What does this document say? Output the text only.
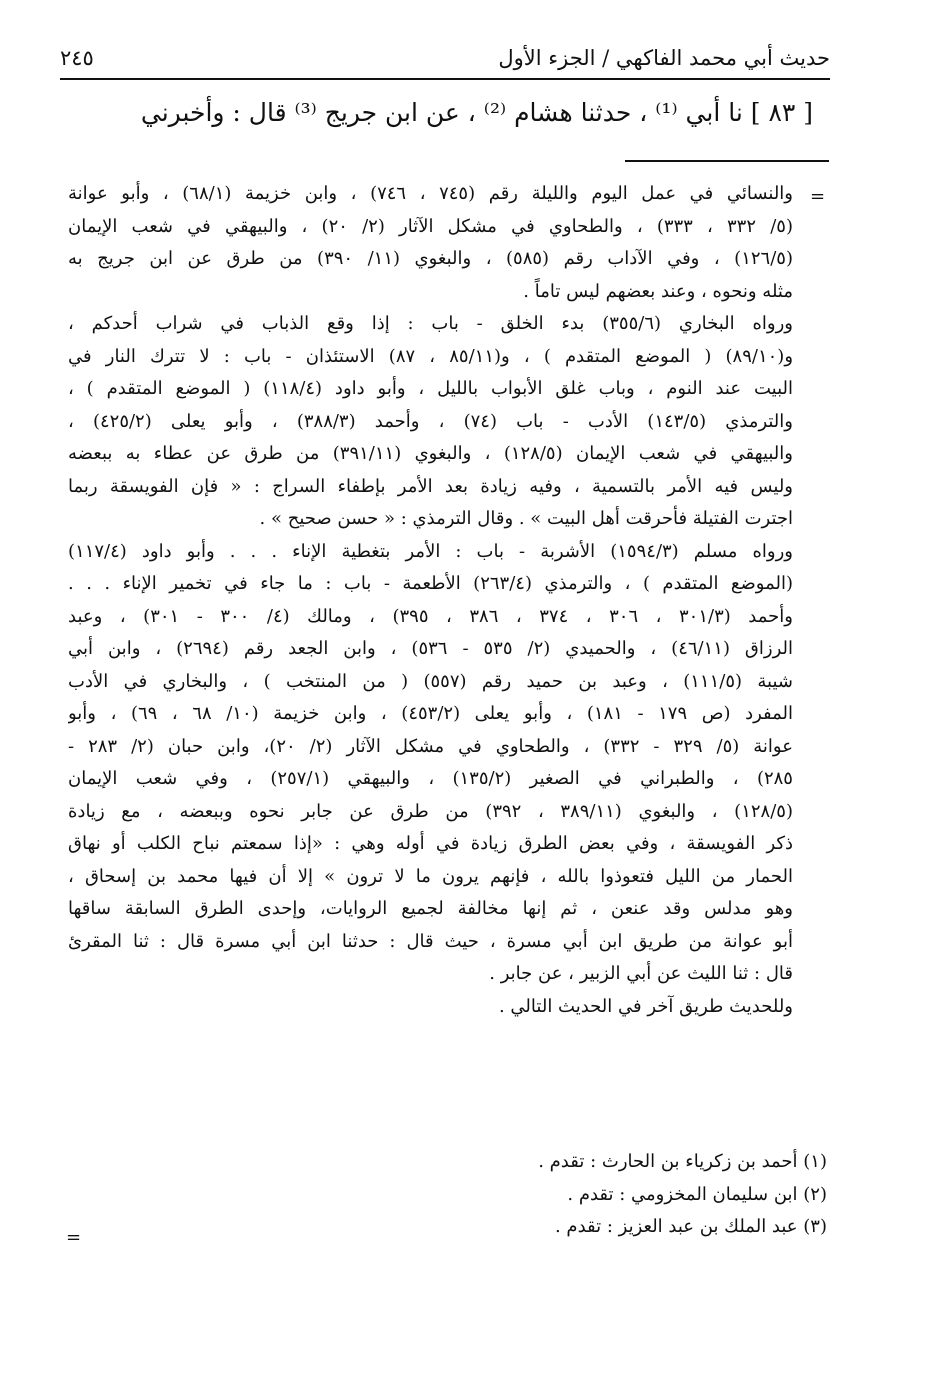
حديث أبي محمد الفاكهي / الجزء الأول
٢٤٥
[ ٨٣ ] نا أبي ⁽¹⁾ ، حدثنا هشام ⁽²⁾ ، عن ابن جريج ⁽³⁾ قال : وأخبرني
=
والنسائي في عمل اليوم والليلة رقم (٧٤٥ ، ٧٤٦) ، وابن خزيمة (٦٨/١) ، وأبو عوانة
(٥/ ٣٣٢ ، ٣٣٣) ، والطحاوي في مشكل الآثار (٢/ ٢٠) ، والبيهقي في شعب الإيمان
(١٢٦/٥) ، وفي الآداب رقم (٥٨٥) ، والبغوي (١١/ ٣٩٠) من طرق عن ابن جريج به
مثله ونحوه ، وعند بعضهم ليس تاماً .
ورواه البخاري (٣٥٥/٦) بدء الخلق - باب : إذا وقع الذباب في شراب أحدكم ،
و(٨٩/١٠) ( الموضع المتقدم ) ، و(٨٥/١١ ، ٨٧) الاستئذان - باب : لا تترك النار في
البيت عند النوم ، وباب غلق الأبواب بالليل ، وأبو داود (١١٨/٤) ( الموضع المتقدم ) ،
والترمذي (١٤٣/٥) الأدب - باب (٧٤) ، وأحمد (٣٨٨/٣) ، وأبو يعلى (٤٢٥/٢) ،
والبيهقي في شعب الإيمان (١٢٨/٥) ، والبغوي (٣٩١/١١) من طرق عن عطاء به ببعضه
وليس فيه الأمر بالتسمية ، وفيه زيادة بعد الأمر بإطفاء السراج : « فإن الفويسقة ربما
اجترت الفتيلة فأحرقت أهل البيت » . وقال الترمذي : « حسن صحيح » .
ورواه مسلم (١٥٩٤/٣) الأشربة - باب : الأمر بتغطية الإناء . . . وأبو داود (١١٧/٤)
(الموضع المتقدم ) ، والترمذي (٢٦٣/٤) الأطعمة - باب : ما جاء في تخمير الإناء . . .
وأحمد (٣٠١/٣ ، ٣٠٦ ، ٣٧٤ ، ٣٨٦ ، ٣٩٥) ، ومالك (٤/ ٣٠٠ - ٣٠١) ، وعبد
الرزاق (٤٦/١١) ، والحميدي (٢/ ٥٣٥ - ٥٣٦) ، وابن الجعد رقم (٢٦٩٤) ، وابن أبي
شيبة (١١١/٥) ، وعبد بن حميد رقم (٥٥٧) ( من المنتخب ) ، والبخاري في الأدب
المفرد (ص ١٧٩ - ١٨١) ، وأبو يعلى (٤٥٣/٢) ، وابن خزيمة (١٠/ ٦٨ ، ٦٩) ، وأبو
عوانة (٥/ ٣٢٩ - ٣٣٢) ، والطحاوي في مشكل الآثار (٢/ ٢٠)، وابن حبان (٢/ ٢٨٣ -
٢٨٥) ، والطبراني في الصغير (١٣٥/٢) ، والبيهقي (٢٥٧/١) ، وفي شعب الإيمان
(١٢٨/٥) ، والبغوي (٣٨٩/١١ ، ٣٩٢) من طرق عن جابر نحوه وببعضه ، مع زيادة
ذكر الفويسقة ، وفي بعض الطرق زيادة في أوله وهي : «إذا سمعتم نباح الكلب أو نهاق
الحمار من الليل فتعوذوا بالله ، فإنهم يرون ما لا ترون » إلا أن فيها محمد بن إسحاق ،
وهو مدلس وقد عنعن ، ثم إنها مخالفة لجميع الروايات، وإحدى الطرق السابقة ساقها
أبو عوانة من طريق ابن أبي مسرة ، حيث قال : حدثنا ابن أبي مسرة قال : ثنا المقرئ
قال : ثنا الليث عن أبي الزبير ، عن جابر .
وللحديث طريق آخر في الحديث التالي .
(١) أحمد بن زكرياء بن الحارث : تقدم .
(٢) ابن سليمان المخزومي : تقدم .
(٣) عبد الملك بن عبد العزيز : تقدم .
=
